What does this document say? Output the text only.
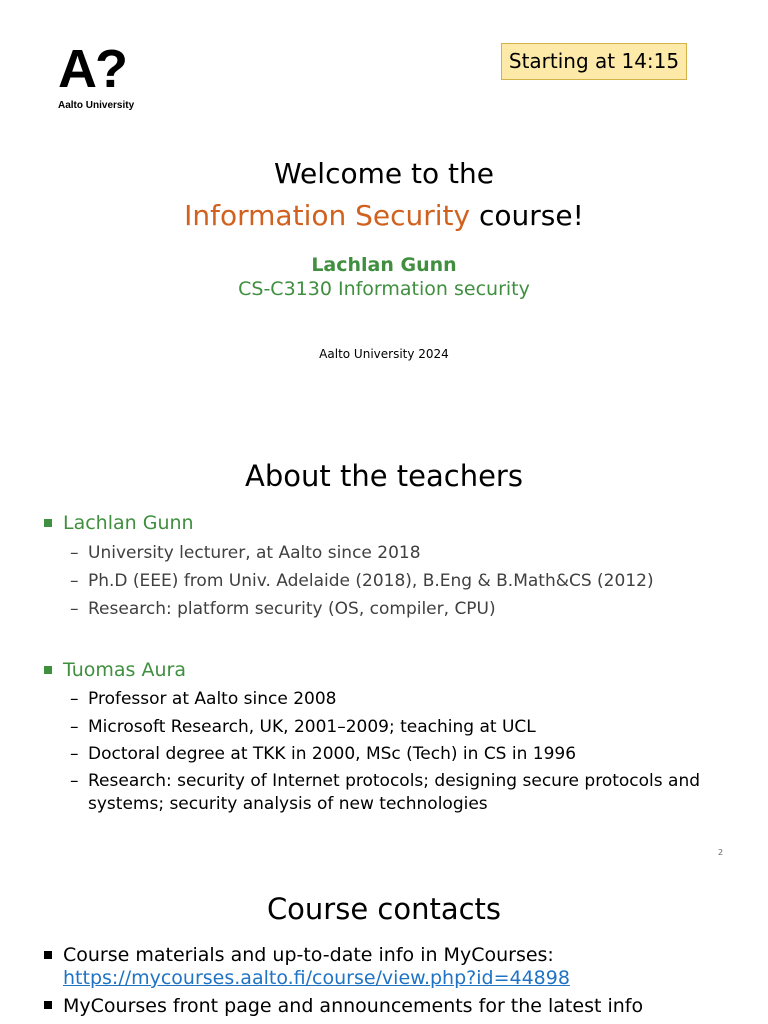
A?
Aalto University
Starting at 14:15
Welcome to the
Information Security course!
Lachlan Gunn
CS-C3130 Information security
Aalto University 2024
About the teachers
Lachlan Gunn
– University lecturer, at Aalto since 2018
– Ph.D (EEE) from Univ. Adelaide (2018), B.Eng & B.Math&CS (2012)
– Research: platform security (OS, compiler, CPU)
Tuomas Aura
– Professor at Aalto since 2008
– Microsoft Research, UK, 2001–2009; teaching at UCL
– Doctoral degree at TKK in 2000, MSc (Tech) in CS in 1996
– Research: security of Internet protocols; designing secure protocols and
systems; security analysis of new technologies
2
Course contacts
Course materials and up-to-date info in MyCourses:
https://mycourses.aalto.fi/course/view.php?id=44898
MyCourses front page and announcements for the latest info
